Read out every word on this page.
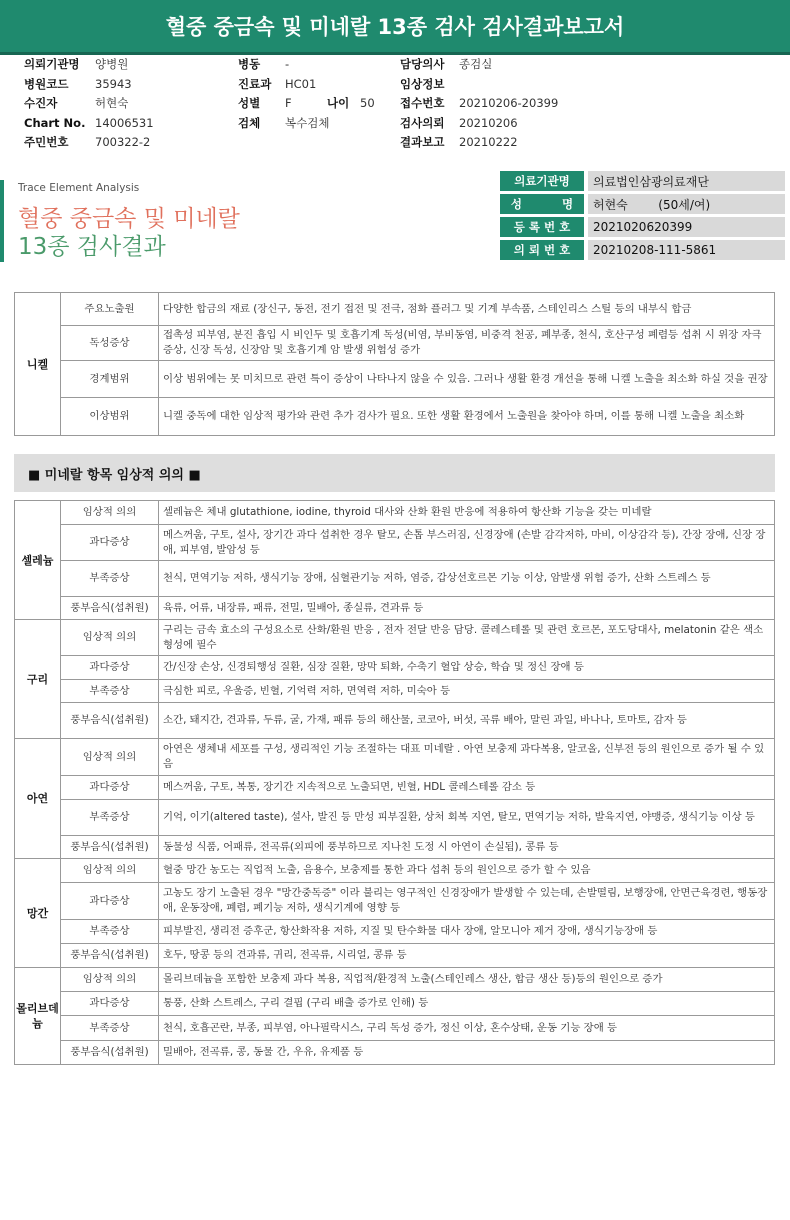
혈중 중금속 및 미네랄 13종 검사 검사결과보고서
의뢰기관명	양병원
병원코드	35943
수진자	허현숙
Chart No. 14006531
주민번호	700322-2
병동	-
진료과	HC01
성별	F	나이 50
검체	복수검체
담당의사	종검실
임상정보
접수번호	20210206-20399
검사의뢰	20210206
결과보고	20210222
Trace Element Analysis
혈중 중금속 및 미네랄
13종 검사결과
의료기관명	의료법인삼광의료재단
성          명	허현숙        (50세/여)
등 록 번 호	2021020620399
의 뢰 번 호	20210208-111-5861
니켈	주요노출원	다양한 합금의 재료 (장신구, 동전, 전기 접전 및 전극, 점화 플러그 및 기계 부속품, 스테인리스 스틸 등의 내부식 합금
	독성증상	접촉성 피부염, 분진 흡입 시 비인두 및 호흡기계 독성(비염, 부비동염, 비중격 천공, 폐부종, 천식, 호산구성 폐렴등 섭취 시 위장 자극 증상, 신장 독성, 신장암 및 호흡기계 암 발생 위험성 증가
	경계범위	이상 범위에는 못 미치므로 관련 특이 증상이 나타나지 않을 수 있음. 그러나 생활 환경 개선을 통해 니켈 노출을 최소화 하실 것을 권장
	이상범위	니켈 중독에 대한 임상적 평가와 관련 추가 검사가 필요. 또한 생활 환경에서 노출원을 찾아야 하며, 이를 통해 니켈 노출을 최소화
■ 미네랄 항목 임상적 의의 ■
셀레늄	임상적 의의	셀레늄은 체내 glutathione, iodine, thyroid 대사와 산화 환원 반응에 적용하여 항산화 기능을 갖는 미네랄
	과다증상	메스꺼움, 구토, 설사, 장기간 과다 섭취한 경우 탈모, 손톱 부스러짐, 신경장애 (손발 감각저하, 마비, 이상감각 등), 간장 장애, 신장 장애, 피부염, 발암성 등
	부족증상	천식, 면역기능 저하, 생식기능 장애, 심혈관기능 저하, 염증, 갑상선호르몬 기능 이상, 암발생 위험 증가, 산화 스트레스 등
	풍부음식(섭취원)	육류, 어류, 내장류, 패류, 전밀, 밀배아, 종실류, 견과류 등
구리	임상적 의의	구리는 금속 효소의 구성요소로 산화/환원 반응 , 전자 전달 반응 담당. 콜레스테롤 및 관련 호르몬, 포도당대사, melatonin 같은 색소 형성에 필수
	과다증상	간/신장 손상, 신경퇴행성 질환, 심장 질환, 망막 퇴화, 수축기 혈압 상승, 학습 및 정신 장애 등
	부족증상	극심한 피로, 우울증, 빈혈, 기억력 저하, 면역력 저하, 미숙아 등
	풍부음식(섭취원)	소간, 돼지간, 견과류, 두류, 굴, 가재, 패류 등의 해산물, 코코아, 버섯, 곡류 배아, 말린 과일, 바나나, 토마토, 감자 등
아연	임상적 의의	아연은 생체내 세포를 구성, 생리적인 기능 조절하는 대표 미네랄 . 아연 보충제 과다복용, 알코올, 신부전 등의 원인으로 증가 될 수 있음
	과다증상	메스꺼움, 구토, 복통, 장기간 지속적으로 노출되면, 빈혈, HDL 콜레스테롤 감소 등
	부족증상	기억, 이기(altered taste), 설사, 발진 등 만성 피부질환, 상처 회복 지연, 탈모, 면역기능 저하, 발육지연, 야맹증, 생식기능 이상 등
	풍부음식(섭취원)	동물성 식품, 어패류, 전곡류(외피에 풍부하므로 지나친 도정 시 아연이 손실됨), 콩류 등
망간	임상적 의의	혈중 망간 농도는 직업적 노출, 음용수, 보충제를 통한 과다 섭취 등의 원인으로 증가 할 수 있음
	과다증상	고농도 장기 노출된 경우 "망간중독증" 이라 불리는 영구적인 신경장애가 발생할 수 있는데, 손발떨림, 보행장애, 안면근육경련, 행동장애, 운동장애, 폐렴, 폐기능 저하, 생식기계에 영향 등
	부족증상	피부발진, 생리전 증후군, 항산화작용 저하, 지질 및 탄수화물 대사 장애, 알모니아 제거 장애, 생식기능장애 등
	풍부음식(섭취원)	호두, 땅콩 등의 견과류, 귀리, 전곡류, 시리얼, 콩류 등
몰리브데늄	임상적 의의	몰리브데늄을 포함한 보충제 과다 복용, 직업적/환경적 노출(스테인레스 생산, 합금 생산 등)등의 원인으로 증가
	과다증상	통풍, 산화 스트레스, 구리 결핍 (구리 배출 증가로 인해) 등
	부족증상	천식, 호흡곤란, 부종, 피부염, 아나필락시스, 구리 독성 증가, 정신 이상, 혼수상태, 운동 기능 장애 등
	풍부음식(섭취원)	밀배아, 전곡류, 콩, 동물 간, 우유, 유제품 등
